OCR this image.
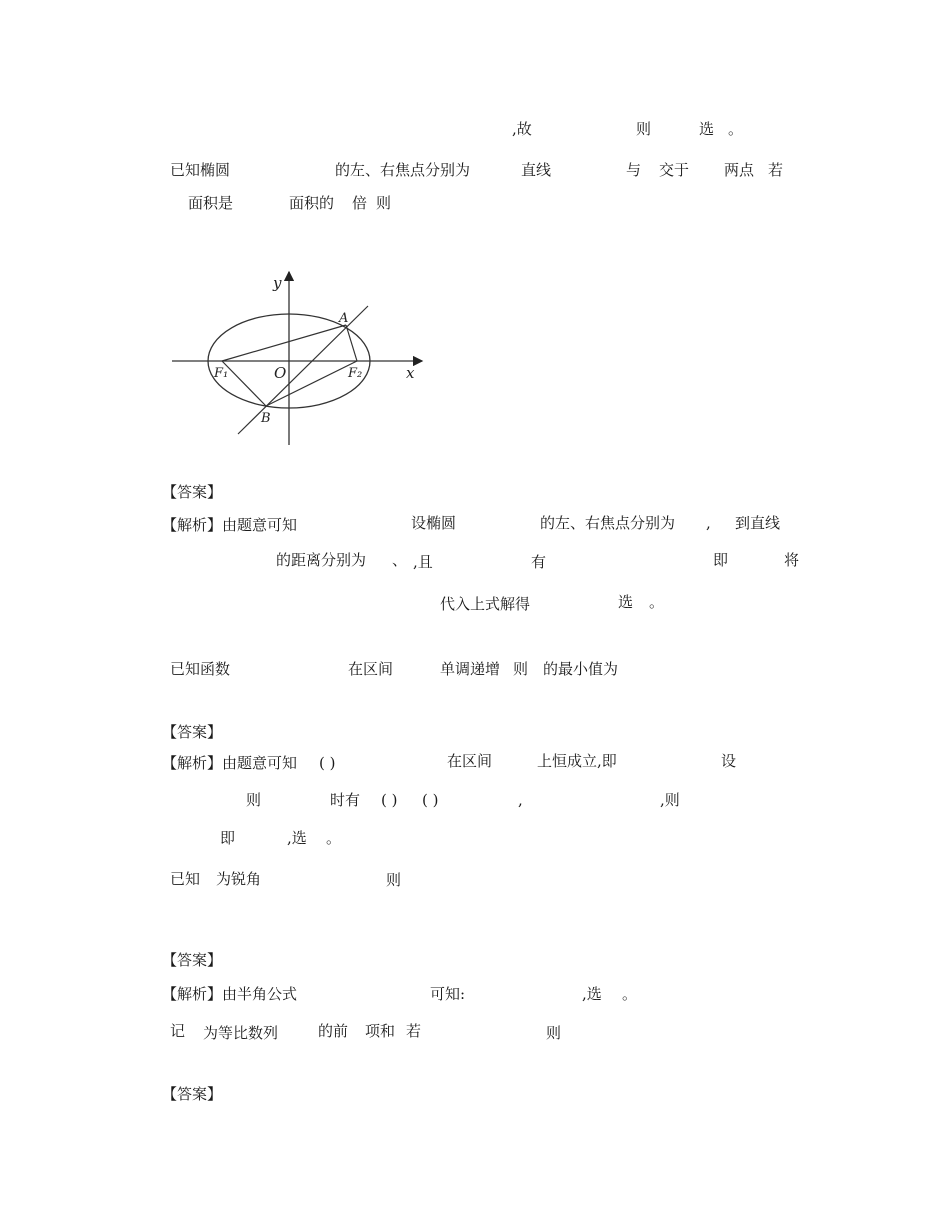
,故	则	选 。
已知椭圆	的左、右焦点分别为	直线	与 交于 两点 若
面积是	面积的 倍 则
y
x
O
A
B
F₁	F₂
【答案】
【解析】由题意可知	设椭圆	的左、右焦点分别为 , 到直线
的距离分别为 、 ,且	有	即	将
代入上式解得	选 。
已知函数	在区间	单调递增 则 的最小值为
【答案】
【解析】由题意可知 ( )	在区间	上恒成立,即	设
则	时有 ( ) ( )	,	,则
即	,选 。
已知 为锐角	则
【答案】
【解析】由半角公式	可知:	,选 。
记 为等比数列	的前 项和 若	则
【答案】
